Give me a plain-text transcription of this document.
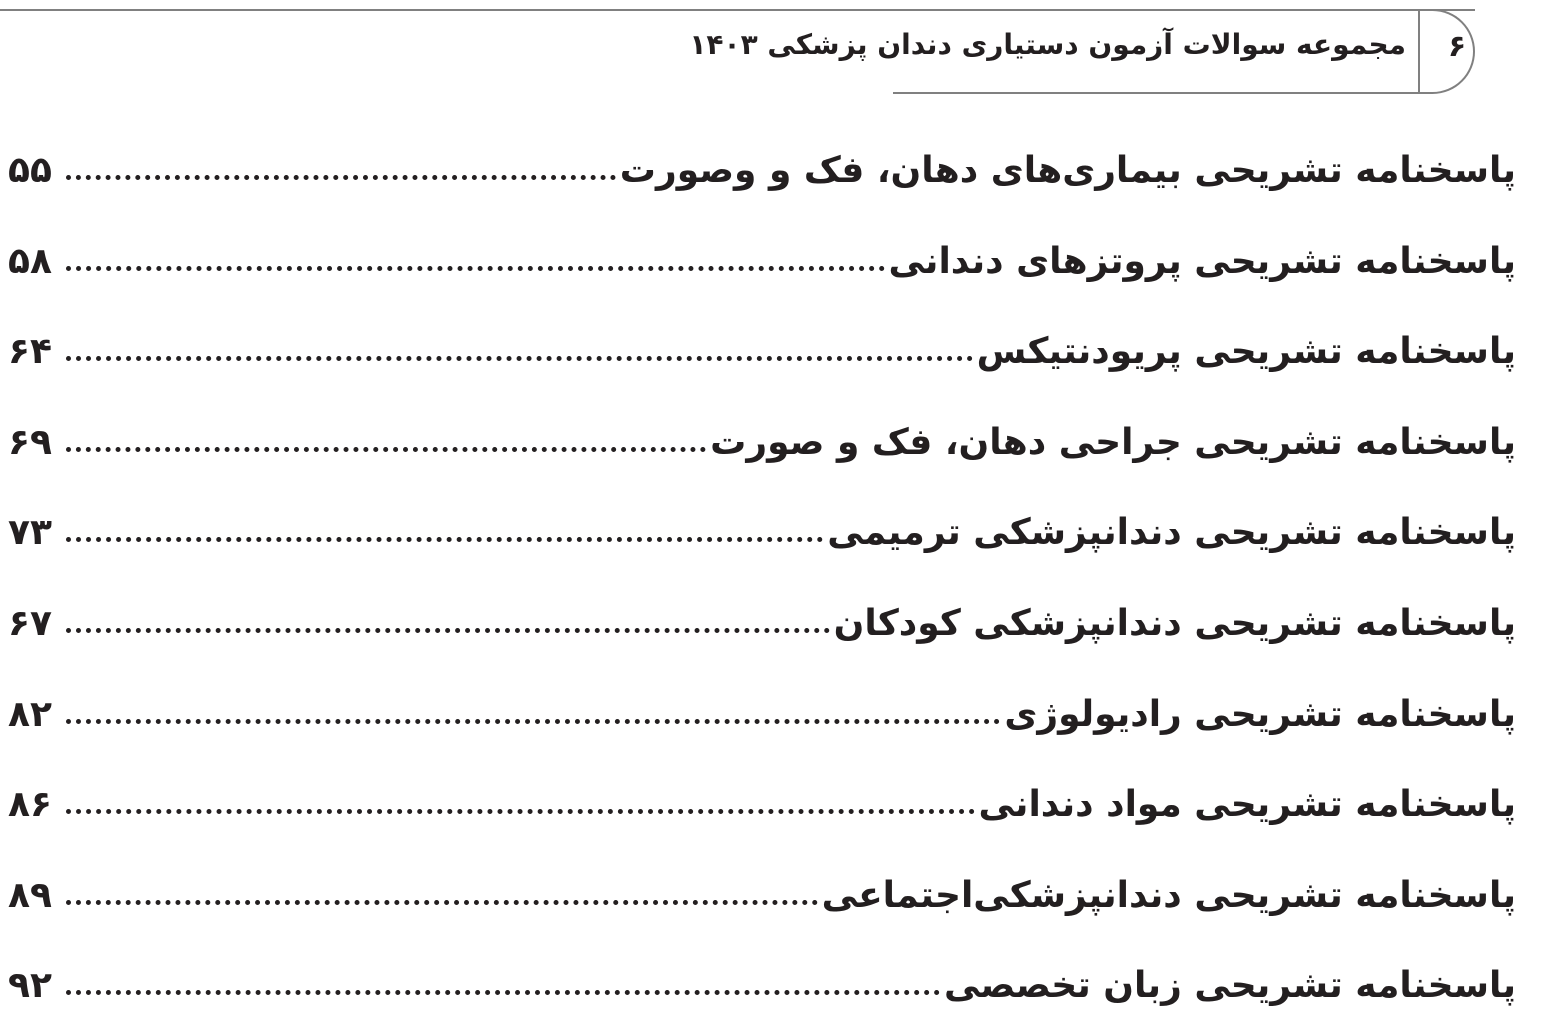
۶
مجموعه سوالات آزمون دستیاری دندان پزشکی ۱۴۰۳
پاسخنامه تشریحی بیماری‌های دهان، فک و وصورت
۵۵
پاسخنامه تشریحی پروتزهای دندانی
۵۸
پاسخنامه تشریحی پریودنتیکس
۶۴
پاسخنامه تشریحی جراحی دهان، فک و صورت
۶۹
پاسخنامه تشریحی دندانپزشکی ترمیمی
۷۳
پاسخنامه تشریحی دندانپزشکی کودکان
۶۷
پاسخنامه تشریحی رادیولوژی
۸۲
پاسخنامه تشریحی مواد دندانی
۸۶
پاسخنامه تشریحی دندانپزشکی‌اجتماعی
۸۹
پاسخنامه تشریحی زبان تخصصی
۹۲
